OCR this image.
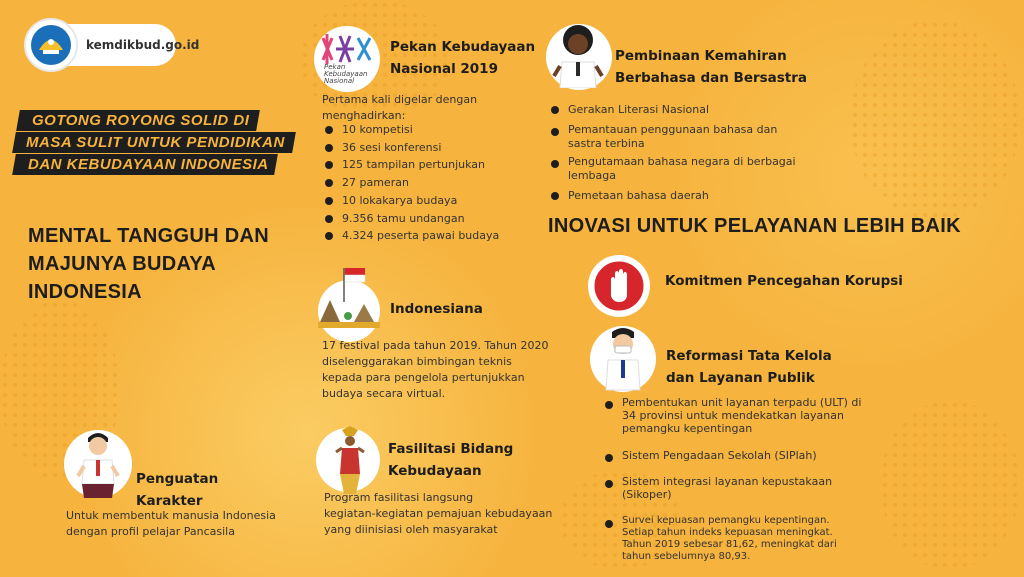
kemdikbud.go.id
GOTONG ROYONG SOLID DI
MASA SULIT UNTUK PENDIDIKAN
DAN KEBUDAYAAN INDONESIA
MENTAL TANGGUH DAN
MAJUNYA BUDAYA
INDONESIA
Pekan
Kebudayaan
Nasional
Pekan Kebudayaan
Nasional 2019
Pertama kali digelar dengan
menghadirkan:
10 kompetisi
36 sesi konferensi
125 tampilan pertunjukan
27 pameran
10 lokakarya budaya
9.356 tamu undangan
4.324 peserta pawai budaya
Indonesiana
17 festival pada tahun 2019. Tahun 2020
diselenggarakan bimbingan teknis
kepada para pengelola pertunjukkan
budaya secara virtual.
Fasilitasi Bidang
Kebudayaan
Program fasilitasi langsung
kegiatan-kegiatan pemajuan kebudayaan
yang diinisiasi oleh masyarakat
Penguatan
Karakter
Untuk membentuk manusia Indonesia
dengan profil pelajar Pancasila
Pembinaan Kemahiran
Berbahasa dan Bersastra
Gerakan Literasi Nasional
Pemantauan penggunaan bahasa dan
sastra terbina
Pengutamaan bahasa negara di berbagai
lembaga
Pemetaan bahasa daerah
INOVASI UNTUK PELAYANAN LEBIH BAIK
Komitmen Pencegahan Korupsi
Reformasi Tata Kelola
dan Layanan Publik
Pembentukan unit layanan terpadu (ULT) di
34 provinsi untuk mendekatkan layanan
pemangku kepentingan
Sistem Pengadaan Sekolah (SIPlah)
Sistem integrasi layanan kepustakaan
(Sikoper)
Survei kepuasan pemangku kepentingan.
Setiap tahun indeks kepuasan meningkat.
Tahun 2019 sebesar 81,62, meningkat dari
tahun sebelumnya 80,93.
